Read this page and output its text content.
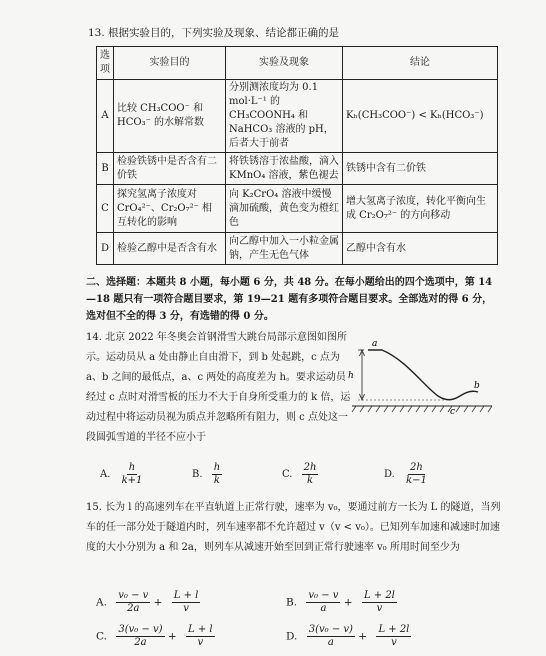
13. 根据实验目的，下列实验及现象、结论都正确的是
选项	实验目的	实验及现象	结论
A	比较 CH₃COO⁻ 和 HCO₃⁻ 的水解常数	分别测浓度均为 0.1 mol·L⁻¹ 的 CH₃COONH₄ 和 NaHCO₃ 溶液的 pH，后者大于前者	Kₕ(CH₃COO⁻) < Kₕ(HCO₃⁻)
B	检验铁锈中是否含有二价铁	将铁锈溶于浓盐酸，滴入 KMnO₄ 溶液，紫色褪去	铁锈中含有二价铁
C	探究氢离子浓度对 CrO₄²⁻、Cr₂O₇²⁻ 相互转化的影响	向 K₂CrO₄ 溶液中缓慢滴加硫酸，黄色变为橙红色	增大氢离子浓度，转化平衡向生成 Cr₂O₇²⁻ 的方向移动
D	检验乙醇中是否含有水	向乙醇中加入一小粒金属钠，产生无色气体	乙醇中含有水
二、选择题：本题共 8 小题，每小题 6 分，共 48 分。在每小题给出的四个选项中，第 14—18 题只有一项符合题目要求，第 19—21 题有多项符合题目要求。全部选对的得 6 分，选对但不全的得 3 分，有选错的得 0 分。
14. 北京 2022 年冬奥会首钢滑雪大跳台局部示意图如图所示。运动员从 a 处由静止自由滑下，到 b 处起跳，c 点为 a、b 之间的最低点，a、c 两处的高度差为 h。要求运动员经过 c 点时对滑雪板的压力不大于自身所受重力的 k 倍，运动过程中将运动员视为质点并忽略所有阻力，则 c 点处这一段圆弧雪道的半径不应小于
a
h
c
b
A. $\frac{h}{k+1}$	B. $\frac{h}{k}$	C. $\frac{2h}{k}$	D. $\frac{2h}{k-1}$
15. 长为 l 的高速列车在平直轨道上正常行驶，速率为 v₀，要通过前方一长为 L 的隧道，当列车的任一部分处于隧道内时，列车速率都不允许超过 v（v < v₀）。已知列车加速和减速时加速度的大小分别为 a 和 2a，则列车从减速开始至回到正常行驶速率 v₀ 所用时间至少为
A. $\frac{\text{v₀ − v}}{2a} + \frac{L + l}{v}$	B. $\frac{\text{v₀ − v}}{a} + \frac{L + 2l}{v}$
C. $\frac{\text{3(v₀ − v)}}{2a} + \frac{L + l}{v}$	D. $\frac{\text{3(v₀ − v)}}{a} + \frac{L + 2l}{v}$
